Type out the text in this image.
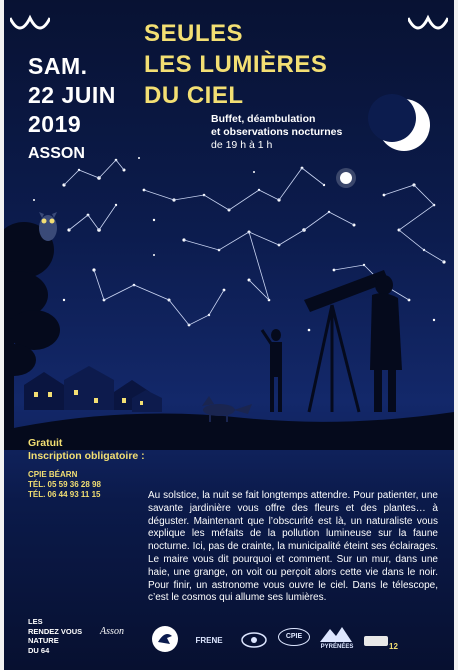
SAM.
22 JUIN
2019
ASSON
SEULES
LES LUMIÈRES
DU CIEL
Buffet, déambulation
et observations nocturnes
de 19 h à 1 h
Gratuit
Inscription obligatoire :
CPIE BÉARN
TÉL. 05 59 36 28 98
TÉL. 06 44 93 11 15	Au solstice, la nuit se fait longtemps attendre. Pour patienter, une savante jardinière vous offre des fleurs et des plantes… à déguster. Maintenant que l’obscurité est là, un naturaliste vous explique les méfaits de la pollution lumineuse sur la faune nocturne. Ici, pas de crainte, la municipalité éteint ses éclairages. Le maire vous dit pourquoi et comment. Sur un mur, dans une haie, une grange, on voit ou perçoit alors cette vie dans le noir. Pour finir, un astronome vous ouvre le ciel. Dans le télescope, c’est le cosmos qui allume ses lumières.
LES
RENDEZ VOUS
NATURE
DU 64
Asson
FRENE	CPIE
PYRÉNÉES	12
